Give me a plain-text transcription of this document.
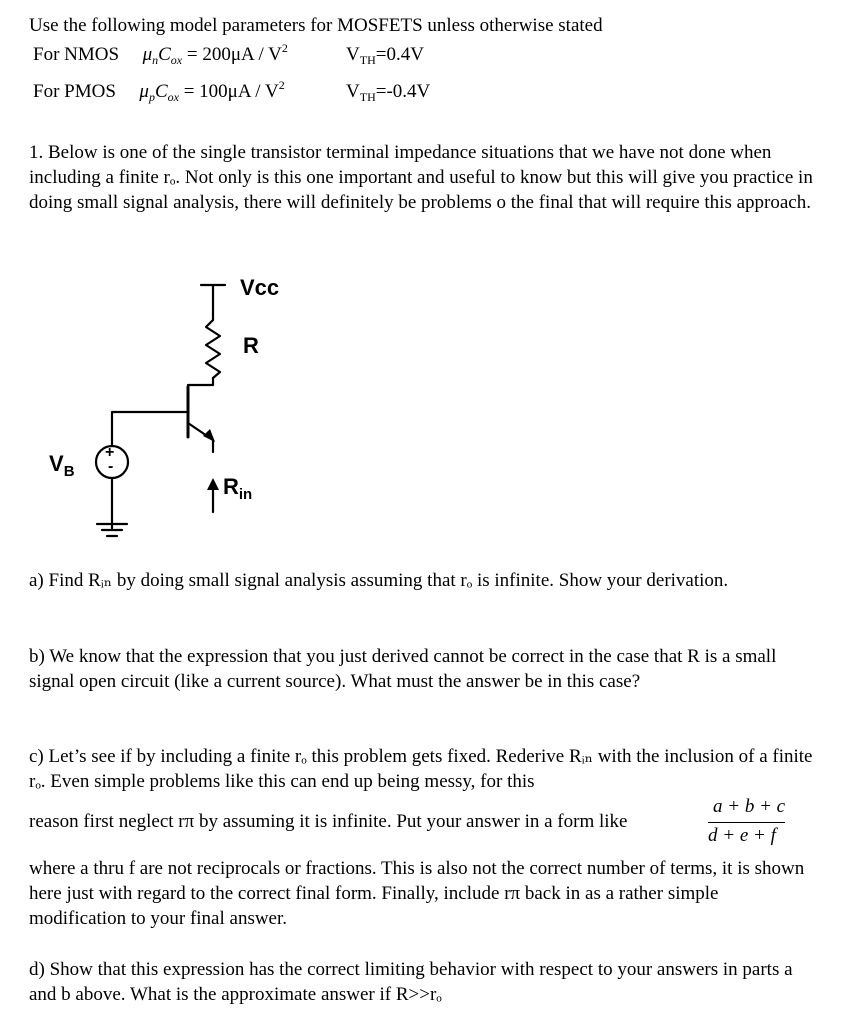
Use the following model parameters for MOSFETS unless otherwise stated
For NMOS $\mu_nC_{ox} = 200\mu A / V^2$	$V_{TH}=0.4V$
For PMOS $\mu_pC_{ox} = 100\mu A / V^2$	$V_{TH}=-0.4V$
1. Below is one of the single transistor terminal impedance situations that we have not done when including a finite rₒ. Not only is this one important and useful to know but this will give you practice in doing small signal analysis, there will definitely be problems o the final that will require this approach.
Vcc
R
$V_B$
$R_{in}$
+
-
a) Find Rᵢₙ by doing small signal analysis assuming that rₒ is infinite. Show your derivation.
b) We know that the expression that you just derived cannot be correct in the case that R is a small signal open circuit (like a current source). What must the answer be in this case?
c) Let’s see if by including a finite rₒ this problem gets fixed. Rederive Rᵢₙ with the inclusion of a finite rₒ. Even simple problems like this can end up being messy, for this
reason first neglect rπ by assuming it is infinite. Put your answer in a form like
a + b + c
d + e + f
where a thru f are not reciprocals or fractions. This is also not the correct number of terms, it is shown here just with regard to the correct final form. Finally, include rπ back in as a rather simple modification to your final answer.
d) Show that this expression has the correct limiting behavior with respect to your answers in parts a and b above. What is the approximate answer if R>>rₒ
